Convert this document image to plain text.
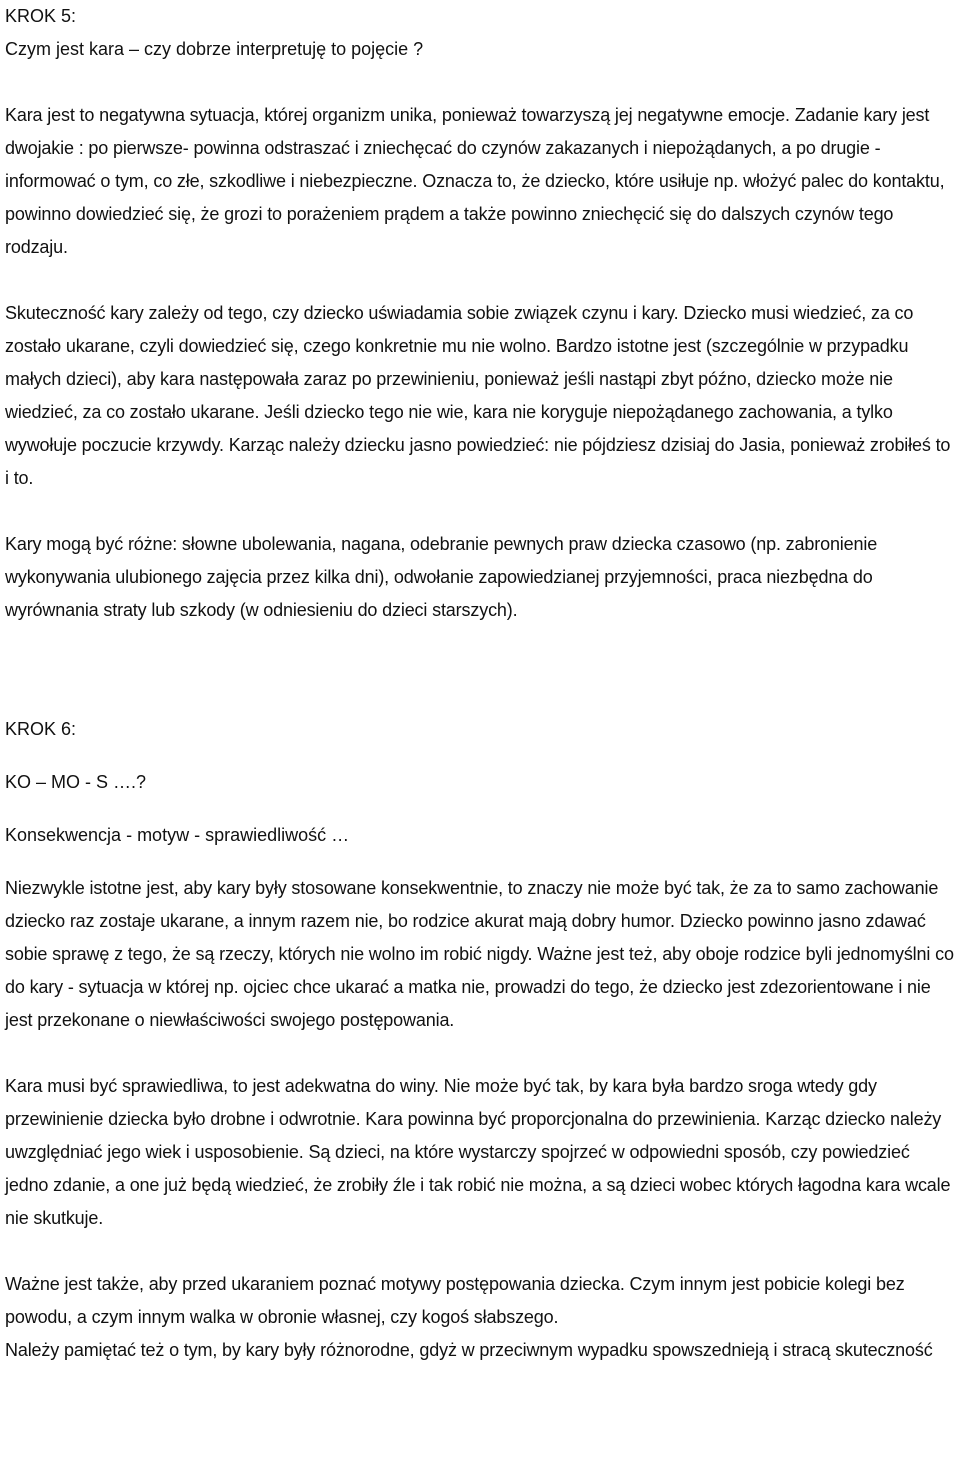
KROK 5:

Czym jest kara – czy dobrze interpretuję to pojęcie ?

Kara jest to negatywna sytuacja, której organizm unika, ponieważ towarzyszą jej negatywne emocje. Zadanie kary jest dwojakie : po pierwsze- powinna odstraszać i zniechęcać do czynów zakazanych i niepożądanych, a po drugie - informować o tym, co złe, szkodliwe i niebezpieczne. Oznacza to, że dziecko, które usiłuje np. włożyć palec do kontaktu, powinno dowiedzieć się, że grozi to porażeniem prądem a także powinno zniechęcić się do dalszych czynów tego rodzaju.

Skuteczność kary zależy od tego, czy dziecko uświadamia sobie związek czynu i kary. Dziecko musi wiedzieć, za co zostało ukarane, czyli dowiedzieć się, czego konkretnie mu nie wolno. Bardzo istotne jest (szczególnie w przypadku małych dzieci), aby kara następowała zaraz po przewinieniu, ponieważ jeśli nastąpi zbyt późno, dziecko może nie wiedzieć, za co zostało ukarane. Jeśli dziecko tego nie wie, kara nie koryguje niepożądanego zachowania, a tylko wywołuje poczucie krzywdy. Karząc należy dziecku jasno powiedzieć: nie pójdziesz dzisiaj do Jasia, ponieważ zrobiłeś to i to.

Kary mogą być różne: słowne ubolewania, nagana, odebranie pewnych praw dziecka czasowo (np. zabronienie wykonywania ulubionego zajęcia przez kilka dni), odwołanie zapowiedzianej przyjemności, praca niezbędna do wyrównania straty lub szkody (w odniesieniu do dzieci starszych).

KROK 6:

KO – MO - S ….?

Konsekwencja - motyw - sprawiedliwość …

Niezwykle istotne jest, aby kary były stosowane konsekwentnie, to znaczy nie może być tak, że za to samo zachowanie dziecko raz zostaje ukarane, a innym razem nie, bo rodzice akurat mają dobry humor. Dziecko powinno jasno zdawać sobie sprawę z tego, że są rzeczy, których nie wolno im robić nigdy. Ważne jest też, aby oboje rodzice byli jednomyślni co do kary - sytuacja w której np. ojciec chce ukarać a matka nie, prowadzi do tego, że dziecko jest zdezorientowane i nie jest przekonane o niewłaściwości swojego postępowania.

Kara musi być sprawiedliwa, to jest adekwatna do winy. Nie może być tak, by kara była bardzo sroga wtedy gdy przewinienie dziecka było drobne i odwrotnie. Kara powinna być proporcjonalna do przewinienia. Karząc dziecko należy uwzględniać jego wiek i usposobienie. Są dzieci, na które wystarczy spojrzeć w odpowiedni sposób, czy powiedzieć jedno zdanie, a one już będą wiedzieć, że zrobiły źle i tak robić nie można, a są dzieci wobec których łagodna kara wcale nie skutkuje.

Ważne jest także, aby przed ukaraniem poznać motywy postępowania dziecka. Czym innym jest pobicie kolegi bez powodu, a czym innym walka w obronie własnej, czy kogoś słabszego.

Należy pamiętać też o tym, by kary były różnorodne, gdyż w przeciwnym wypadku spowszednieją i stracą skuteczność
